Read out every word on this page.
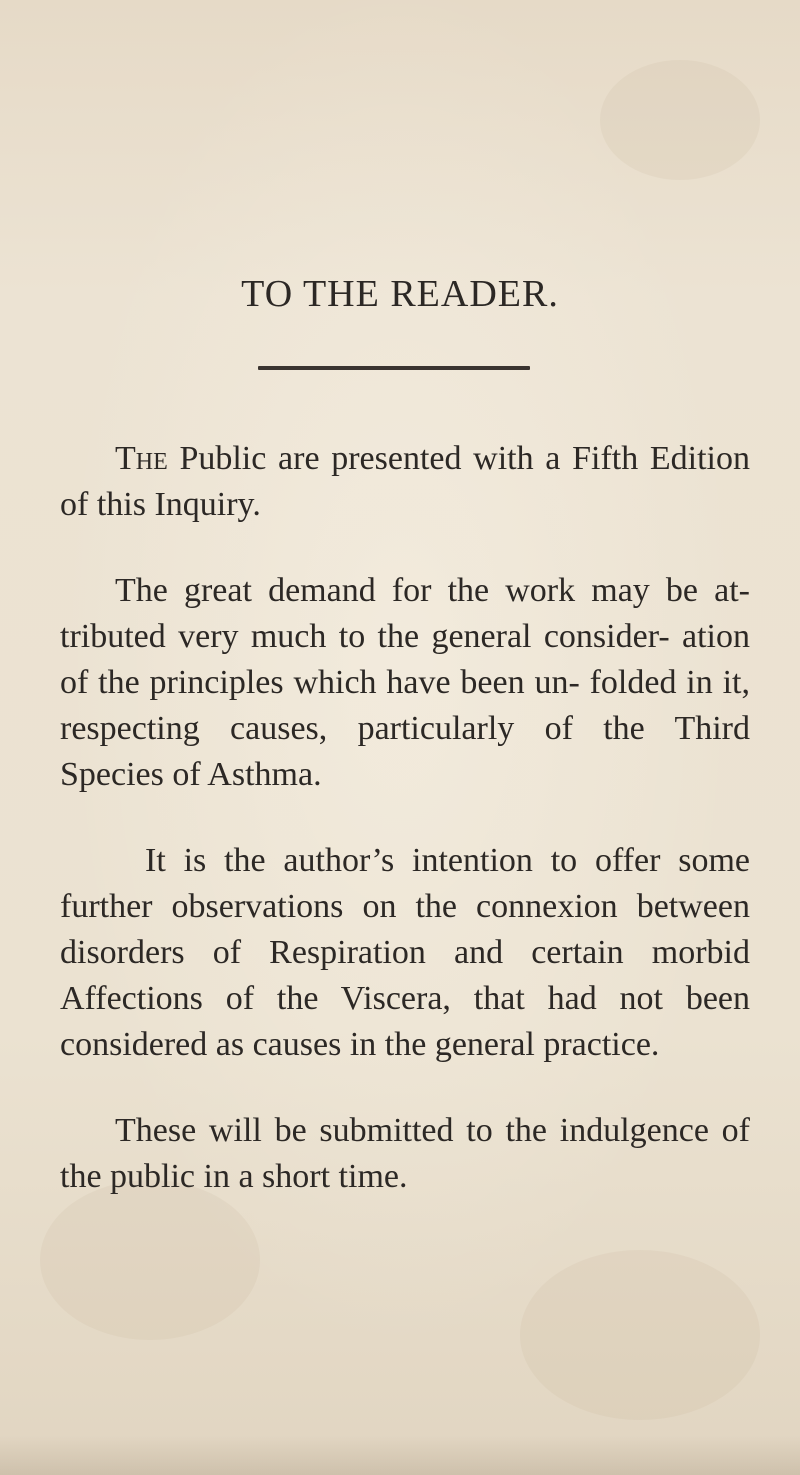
TO THE READER.

The Public are presented with a Fifth Edition of this Inquiry.

The great demand for the work may be at- tributed very much to the general consider- ation of the principles which have been un- folded in it, respecting causes, particularly of the Third Species of Asthma.

It is the author’s intention to offer some further observations on the connexion between disorders of Respiration and certain morbid Affections of the Viscera, that had not been considered as causes in the general practice.

These will be submitted to the indulgence of the public in a short time.
